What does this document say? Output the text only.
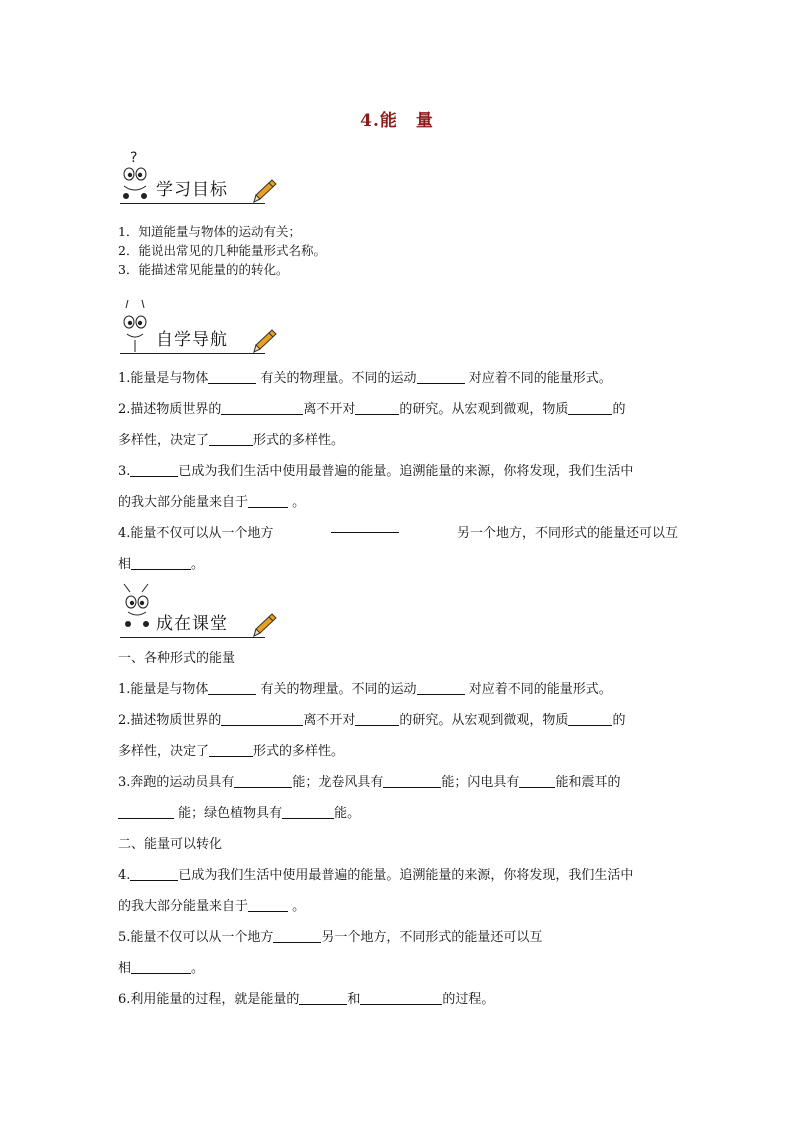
4.能 量
?
学习目标
1．知道能量与物体的运动有关；
2．能说出常见的几种能量形式名称。
3．能描述常见能量的的转化。
自学导航

1.能量是与物体	有关的物理量。不同的运动	对应着不同的能量形式。

2.描述物质世界的	离不开对	的研究。从宏观到微观，物质	的

多样性，决定了	形式的多样性。

3.	已成为我们生活中使用最普遍的能量。追溯能量的来源，你将发现，我们生活中

的我大部分能量来自于	。

4.能量不仅可以从一个地方	另一个地方，不同形式的能量还可以互

相	。

成在课堂

一、各种形式的能量

1.能量是与物体	有关的物理量。不同的运动	对应着不同的能量形式。

2.描述物质世界的	离不开对	的研究。从宏观到微观，物质	的

多样性，决定了	形式的多样性。

3.奔跑的运动员具有	能；龙卷风具有	能；闪电具有	能和震耳的

能；绿色植物具有	能。

二、能量可以转化

4.	已成为我们生活中使用最普遍的能量。追溯能量的来源，你将发现，我们生活中

的我大部分能量来自于	。

5.能量不仅可以从一个地方	另一个地方，不同形式的能量还可以互

相	。

6.利用能量的过程，就是能量的	和	的过程。
